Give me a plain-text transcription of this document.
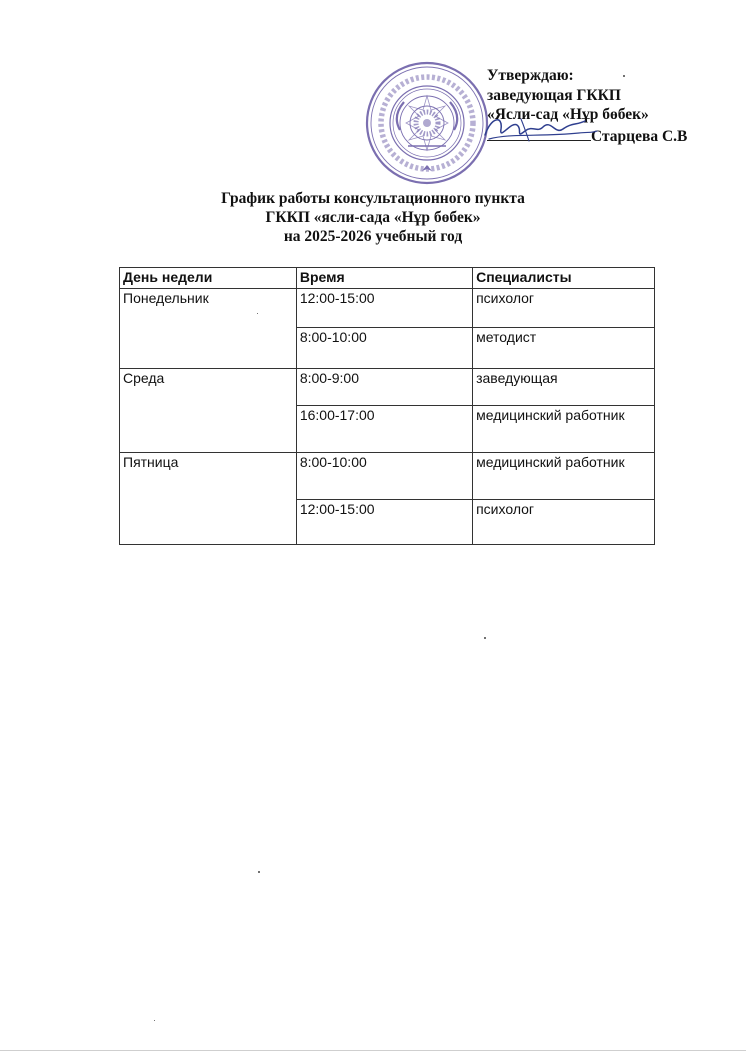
Утверждаю:
заведующая ГККП
«Ясли-сад «Нұр бөбек»
Старцева С.В
График работы консультационного пункта
ГККП «ясли-сада «Нұр бөбек»
на 2025-2026 учебный год
День недели	Время	Специалисты
Понедельник	12:00-15:00	психолог
	8:00-10:00	методист
Среда	8:00-9:00	заведующая
	16:00-17:00	медицинский работник
Пятница	8:00-10:00	медицинский работник
	12:00-15:00	психолог
